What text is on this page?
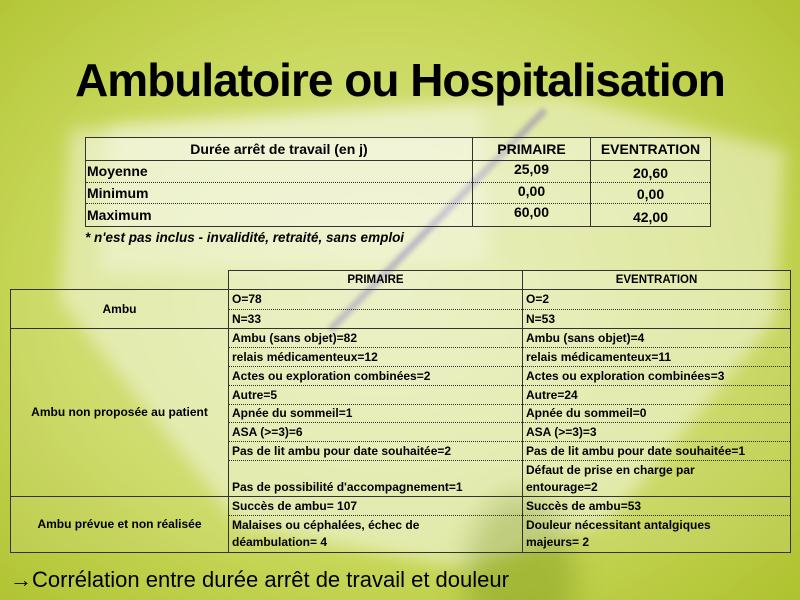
Ambulatoire ou Hospitalisation
Durée arrêt de travail (en j)	PRIMAIRE	EVENTRATION
Moyenne	25,09	20,60
Minimum	0,00	0,00
Maximum	60,00	42,00
* n'est pas inclus - invalidité, retraité, sans emploi
	PRIMAIRE	EVENTRATION
Ambu	O=78	O=2
	N=33	N=53
Ambu non proposée au patient	Ambu (sans objet)=82	Ambu (sans objet)=4
	relais médicamenteux=12	relais médicamenteux=11
	Actes ou exploration combinées=2	Actes ou exploration combinées=3
	Autre=5	Autre=24
	Apnée du sommeil=1	Apnée du sommeil=0
	ASA (>=3)=6	ASA (>=3)=3
	Pas de lit ambu pour date souhaitée=2	Pas de lit ambu pour date souhaitée=1
	Pas de possibilité d'accompagnement=1	Défaut de prise en charge par entourage=2

Ambu prévue et non réalisée	Succès de ambu= 107	Succès de ambu=53

	Malaises ou céphalées, échec de déambulation= 4	Douleur nécessitant antalgiques majeurs= 2
→Corrélation entre durée arrêt de travail et douleur
